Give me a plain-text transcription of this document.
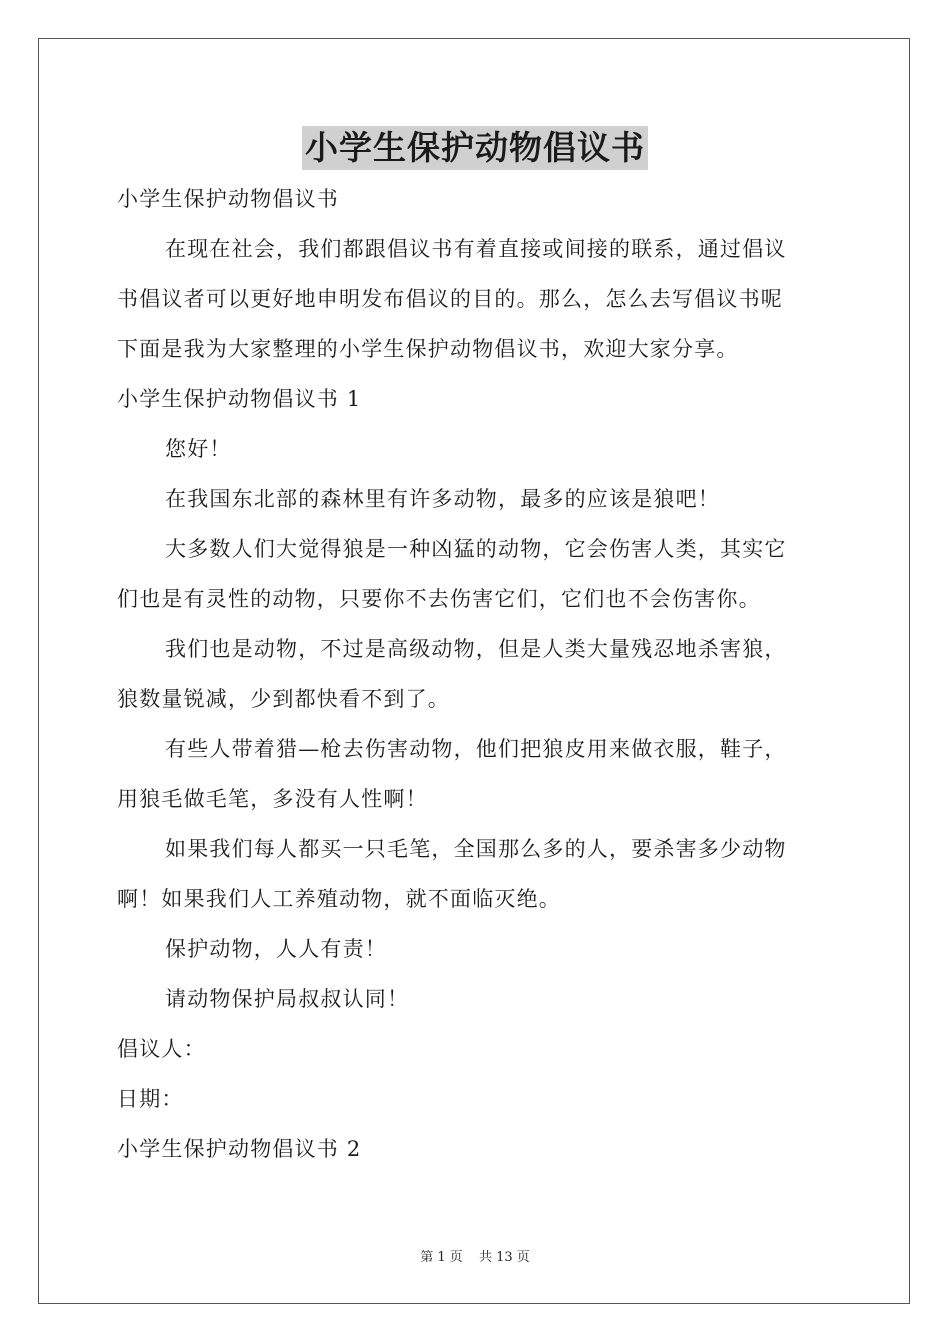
小学生保护动物倡议书

小学生保护动物倡议书

在现在社会，我们都跟倡议书有着直接或间接的联系，通过倡议

书倡议者可以更好地申明发布倡议的目的。那么，怎么去写倡议书呢

下面是我为大家整理的小学生保护动物倡议书，欢迎大家分享。

小学生保护动物倡议书 1

您好！

在我国东北部的森林里有许多动物，最多的应该是狼吧！

大多数人们大觉得狼是一种凶猛的动物，它会伤害人类，其实它

们也是有灵性的动物，只要你不去伤害它们，它们也不会伤害你。

我们也是动物，不过是高级动物，但是人类大量残忍地杀害狼，

狼数量锐减，少到都快看不到了。

有些人带着猎—枪去伤害动物，他们把狼皮用来做衣服，鞋子，

用狼毛做毛笔，多没有人性啊！

如果我们每人都买一只毛笔，全国那么多的人，要杀害多少动物

啊！如果我们人工养殖动物，就不面临灭绝。

保护动物，人人有责！

请动物保护局叔叔认同！

倡议人：

日期：

小学生保护动物倡议书 2

第 1 页 共 13 页
